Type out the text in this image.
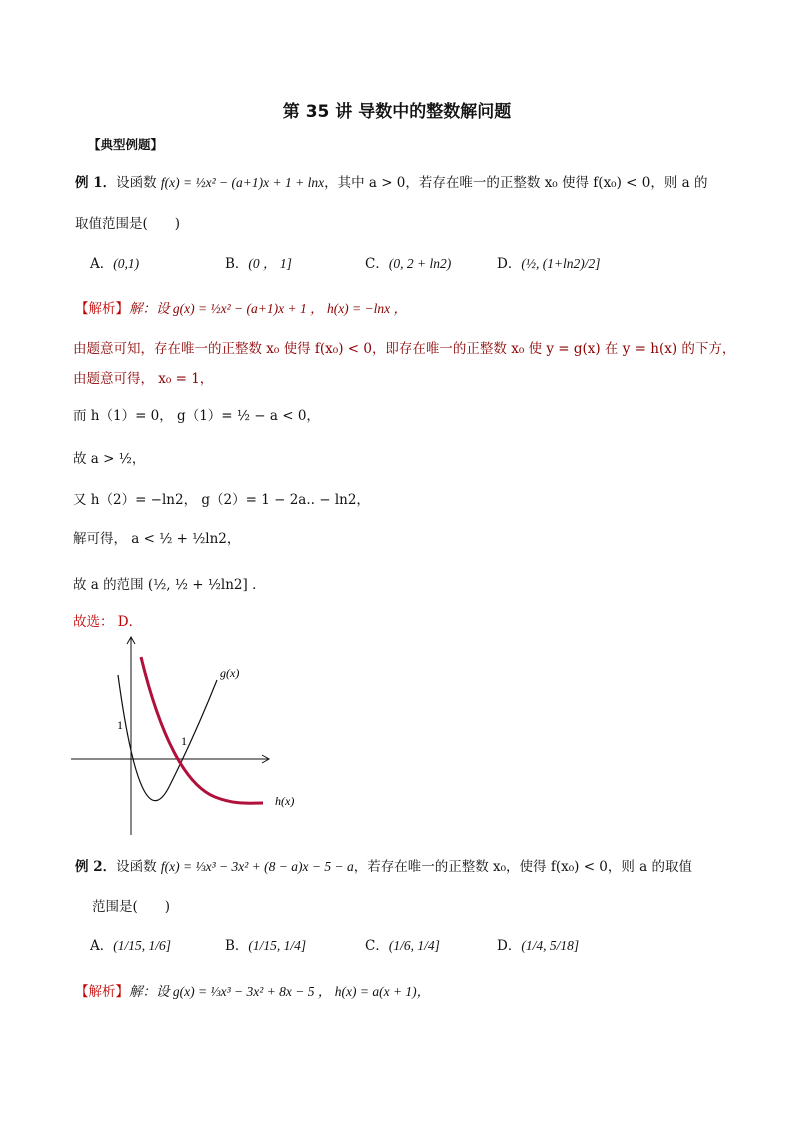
第 35 讲 导数中的整数解问题
【典型例题】
例 1．设函数 f(x) = ½x² − (a+1)x + 1 + lnx，其中 a > 0，若存在唯一的正整数 x₀ 使得 f(x₀) < 0，则 a 的
取值范围是(　　)
A．(0,1)	B．(0 ， 1]	C．(0, 2 + ln2)	D．(½, (1+ln2)/2]
【解析】解：设 g(x) = ½x² − (a+1)x + 1 ， h(x) = −lnx ，
由题意可知，存在唯一的正整数 x₀ 使得 f(x₀) < 0，即存在唯一的正整数 x₀ 使 y = g(x) 在 y = h(x) 的下方，
由题意可得， x₀ = 1，
而 h（1）= 0， g（1）= ½ − a < 0，
故 a > ½，
又 h（2）= −ln2， g（2）= 1 − 2a.. − ln2，
解可得， a < ½ + ½ln2，
故 a 的范围 (½, ½ + ½ln2] ．
故选： D．
g(x)
h(x)
1
1
例 2．设函数 f(x) = ⅓x³ − 3x² + (8 − a)x − 5 − a，若存在唯一的正整数 x₀，使得 f(x₀) < 0，则 a 的取值
范围是(　　)
A．(1/15, 1/6]	B．(1/15, 1/4]	C．(1/6, 1/4]	D．(1/4, 5/18]
【解析】解：设 g(x) = ⅓x³ − 3x² + 8x − 5 ， h(x) = a(x + 1)，
